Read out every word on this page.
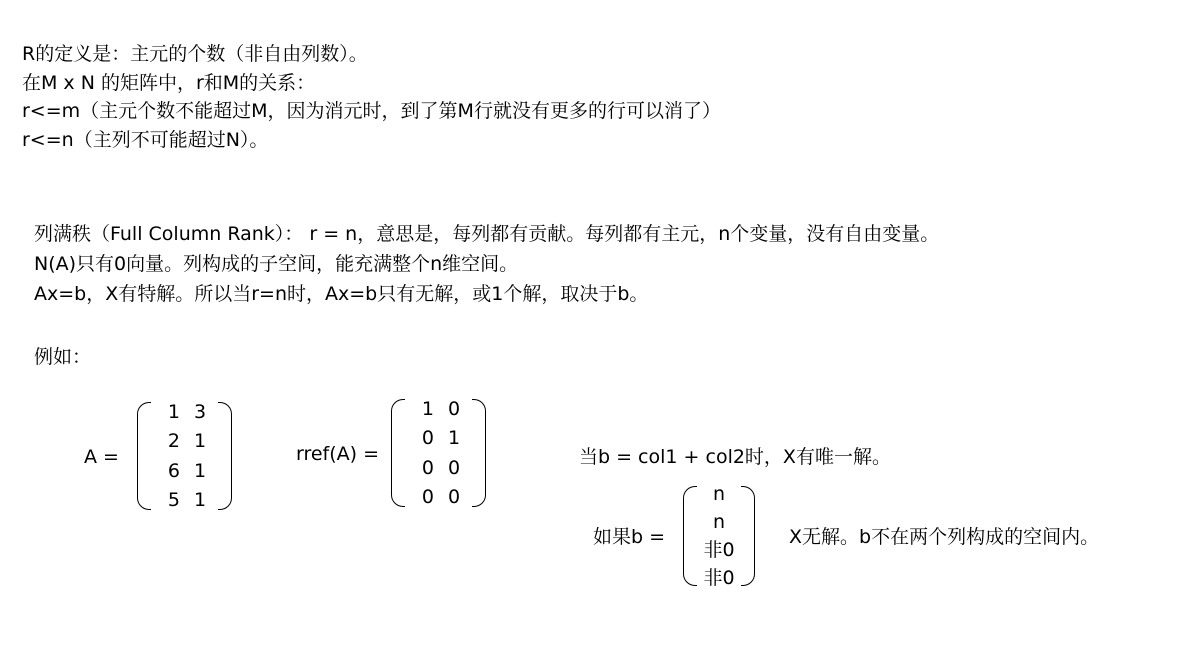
R的定义是：主元的个数（非自由列数）。
在M x N 的矩阵中，r和M的关系：
r<=m（主元个数不能超过M，因为消元时，到了第M行就没有更多的行可以消了）
r<=n（主列不可能超过N）。
列满秩（Full Column Rank）： r = n，意思是，每列都有贡献。每列都有主元，n个变量，没有自由变量。
N(A)只有0向量。列构成的子空间，能充满整个n维空间。
Ax=b，X有特解。所以当r=n时，Ax=b只有无解，或1个解，取决于b。
例如：
A =
1 3
2 1
6 1
5 1
rref(A) =
1 0
0 1
0 0
0 0
当b = col1 + col2时，X有唯一解。
如果b =
n
n
非0
非0
X无解。b不在两个列构成的空间内。
